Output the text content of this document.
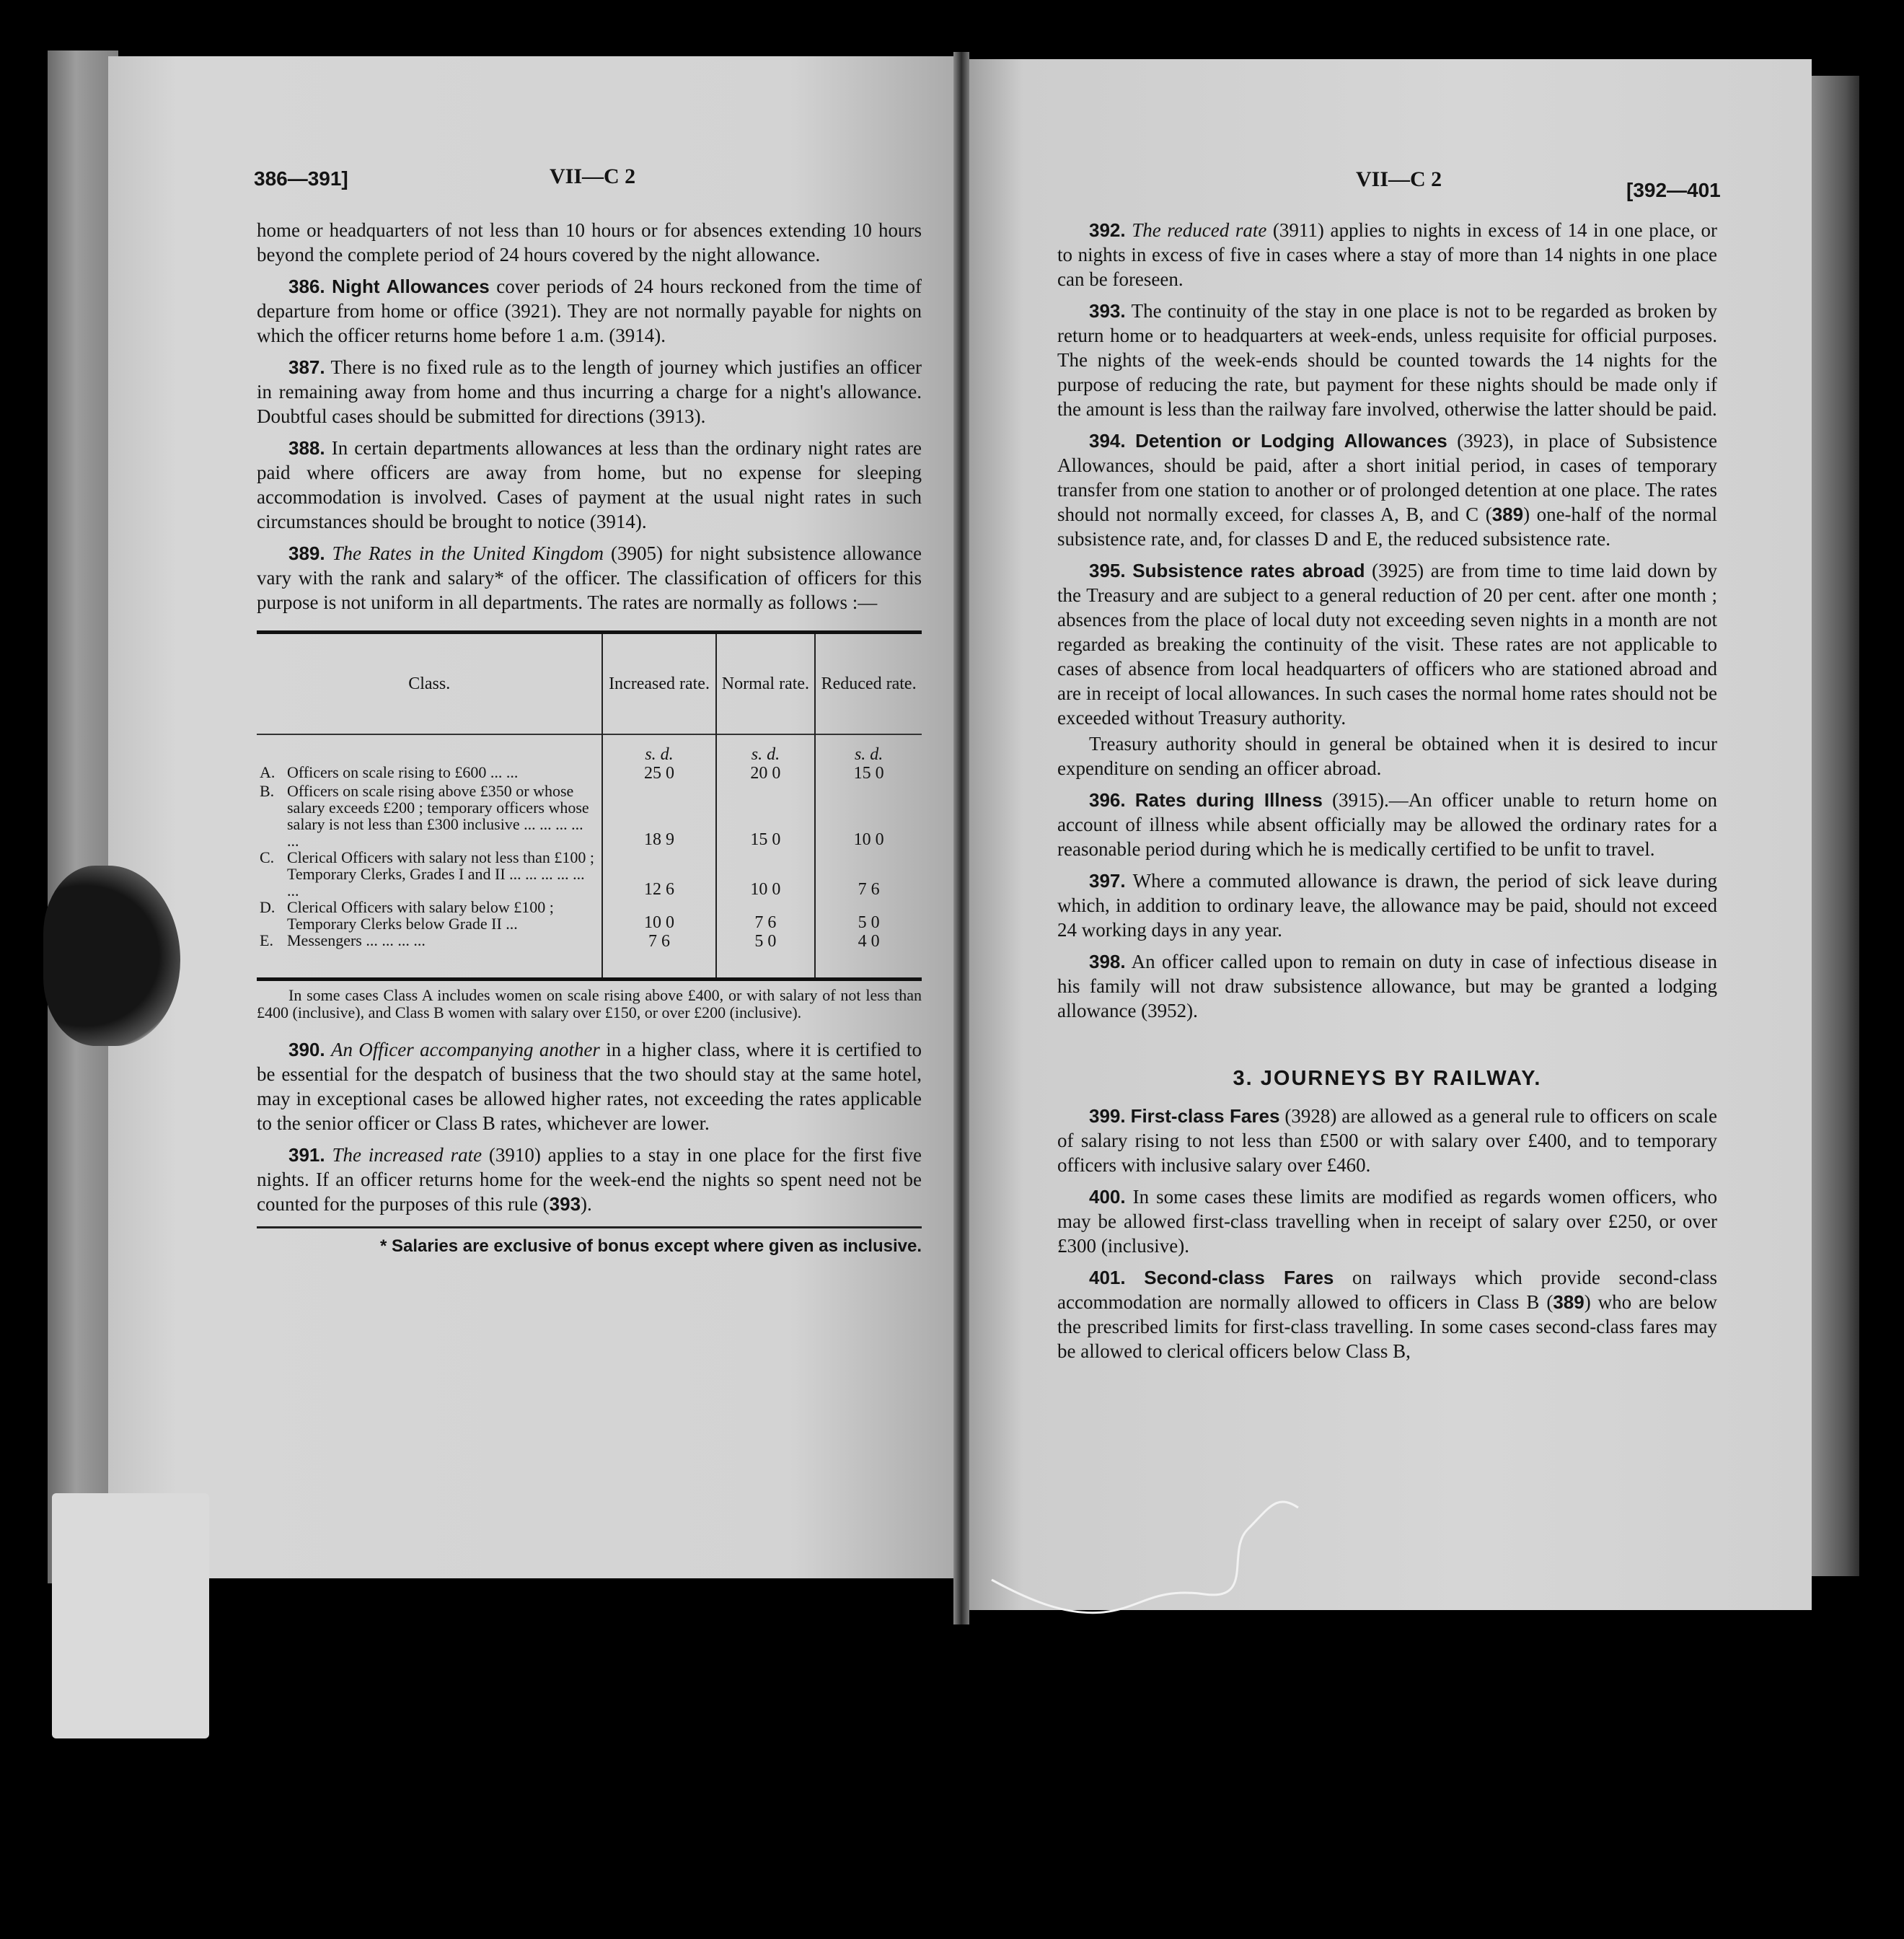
386—391]	VII—C 2	VII—C 2	[392—401

home or headquarters of not less than 10 hours or for absences extending 10 hours beyond the complete period of 24 hours covered by the night allowance.

386. Night Allowances cover periods of 24 hours reckoned from the time of departure from home or office (3921). They are not normally payable for nights on which the officer returns home before 1 a.m. (3914).

387. There is no fixed rule as to the length of journey which justifies an officer in remaining away from home and thus incurring a charge for a night's allowance. Doubtful cases should be submitted for directions (3913).

388. In certain departments allowances at less than the ordinary night rates are paid where officers are away from home, but no expense for sleeping accommodation is involved. Cases of payment at the usual night rates in such circumstances should be brought to notice (3914).

389. The Rates in the United Kingdom (3905) for night subsistence allowance vary with the rank and salary* of the officer. The classification of officers for this purpose is not uniform in all departments. The rates are normally as follows :—

Class.	Increased rate.	Normal rate.	Reduced rate.
	s. d.	s. d.	s. d.

A. Officers on scale rising to £600 ... ...	25 0	20 0	15 0

B. Officers on scale rising above £350 or whose salary exceeds £200 ; temporary officers whose salary is not less than £300 inclusive ... ... ... ... ...	18 9	15 0	10 0

C. Clerical Officers with salary not less than £100 ; Temporary Clerks, Grades I and II ... ... ... ... ... ...	12 6	10 0	7 6

D. Clerical Officers with salary below £100 ; Temporary Clerks below Grade II ...	10 0	7 6	5 0

E. Messengers ... ... ... ...	7 6	5 0	4 0
In some cases Class A includes women on scale rising above £400, or with salary of not less than £400 (inclusive), and Class B women with salary over £150, or over £200 (inclusive).

390. An Officer accompanying another in a higher class, where it is certified to be essential for the despatch of business that the two should stay at the same hotel, may in exceptional cases be allowed higher rates, not exceeding the rates applicable to the senior officer or Class B rates, whichever are lower.

391. The increased rate (3910) applies to a stay in one place for the first five nights. If an officer returns home for the week-end the nights so spent need not be counted for the purposes of this rule (393).

* Salaries are exclusive of bonus except where given as inclusive.

392. The reduced rate (3911) applies to nights in excess of 14 in one place, or to nights in excess of five in cases where a stay of more than 14 nights in one place can be foreseen.

393. The continuity of the stay in one place is not to be regarded as broken by return home or to headquarters at week-ends, unless requisite for official purposes. The nights of the week-ends should be counted towards the 14 nights for the purpose of reducing the rate, but payment for these nights should be made only if the amount is less than the railway fare involved, otherwise the latter should be paid.

394. Detention or Lodging Allowances (3923), in place of Subsistence Allowances, should be paid, after a short initial period, in cases of temporary transfer from one station to another or of prolonged detention at one place. The rates should not normally exceed, for classes A, B, and C (389) one-half of the normal subsistence rate, and, for classes D and E, the reduced subsistence rate.

395. Subsistence rates abroad (3925) are from time to time laid down by the Treasury and are subject to a general reduction of 20 per cent. after one month ; absences from the place of local duty not exceeding seven nights in a month are not regarded as breaking the continuity of the visit. These rates are not applicable to cases of absence from local headquarters of officers who are stationed abroad and are in receipt of local allowances. In such cases the normal home rates should not be exceeded without Treasury authority.

Treasury authority should in general be obtained when it is desired to incur expenditure on sending an officer abroad.

396. Rates during Illness (3915).—An officer unable to return home on account of illness while absent officially may be allowed the ordinary rates for a reasonable period during which he is medically certified to be unfit to travel.

397. Where a commuted allowance is drawn, the period of sick leave during which, in addition to ordinary leave, the allowance may be paid, should not exceed 24 working days in any year.

398. An officer called upon to remain on duty in case of infectious disease in his family will not draw subsistence allowance, but may be granted a lodging allowance (3952).

3. JOURNEYS BY RAILWAY.

399. First-class Fares (3928) are allowed as a general rule to officers on scale of salary rising to not less than £500 or with salary over £400, and to temporary officers with inclusive salary over £460.

400. In some cases these limits are modified as regards women officers, who may be allowed first-class travelling when in receipt of salary over £250, or over £300 (inclusive).

401. Second-class Fares on railways which provide second-class accommodation are normally allowed to officers in Class B (389) who are below the prescribed limits for first-class travelling. In some cases second-class fares may be allowed to clerical officers below Class B,
